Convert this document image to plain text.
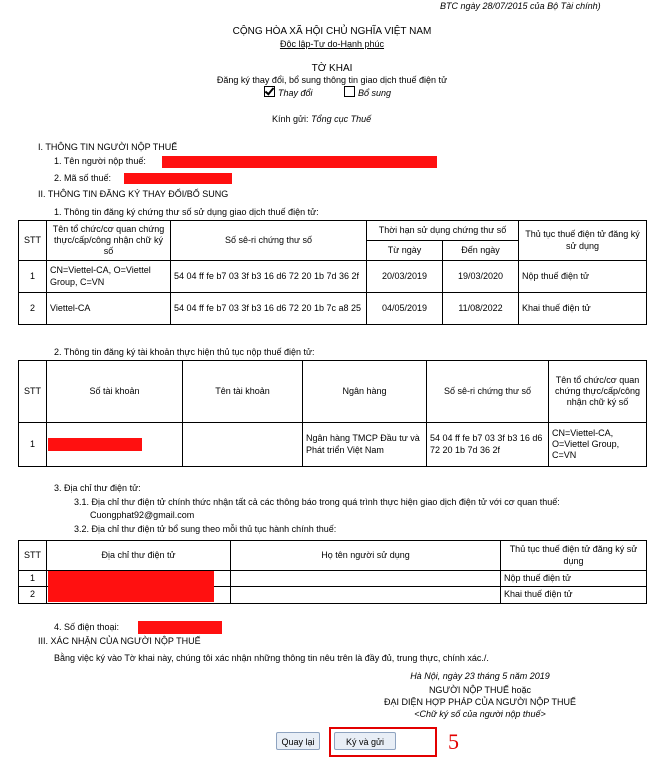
BTC ngày 28/07/2015 của Bộ Tài chính)
CỘNG HÒA XÃ HỘI CHỦ NGHĨA VIỆT NAM
Độc lập-Tự do-Hạnh phúc
TỜ KHAI
Đăng ký thay đổi, bổ sung thông tin giao dịch thuế điện tử
Thay đổi	Bổ sung
Kính gửi: Tổng cục Thuế
I. THÔNG TIN NGƯỜI NỘP THUẾ
1. Tên người nộp thuế:
2. Mã số thuế:
II. THÔNG TIN ĐĂNG KÝ THAY ĐỔI/BỔ SUNG
1. Thông tin đăng ký chứng thư số sử dụng giao dịch thuế điện tử:
STT	Tên tổ chức/cơ quan chứng thực/cấp/công nhận chữ ký số	Số sê-ri chứng thư số	Thời hạn sử dụng chứng thư số		Thủ tục thuế điện tử đăng ký sử dụng
			Từ ngày	Đến ngày	
1	CN=Viettel-CA, O=Viettel Group, C=VN	54 04 ff fe b7 03 3f b3 16 d6 72 20 1b 7d 36 2f	20/03/2019	19/03/2020	Nộp thuế điện tử
2	Viettel-CA	54 04 ff fe b7 03 3f b3 16 d6 72 20 1b 7c a8 25	04/05/2019	11/08/2022	Khai thuế điện tử
2. Thông tin đăng ký tài khoản thực hiện thủ tục nộp thuế điện tử:
STT	Số tài khoản	Tên tài khoản	Ngân hàng	Số sê-ri chứng thư số	Tên tổ chức/cơ quan chứng thực/cấp/công nhận chữ ký số
1			Ngân hàng TMCP Đầu tư và Phát triển Việt Nam	54 04 ff fe b7 03 3f b3 16 d6 72 20 1b 7d 36 2f	CN=Viettel-CA, O=Viettel Group, C=VN
3. Địa chỉ thư điện tử:
3.1. Địa chỉ thư điện tử chính thức nhận tất cả các thông báo trong quá trình thực hiện giao dịch điện tử với cơ quan thuế:
Cuongphat92@gmail.com
3.2. Địa chỉ thư điện tử bổ sung theo mỗi thủ tục hành chính thuế:
STT	Địa chỉ thư điện tử	Họ tên người sử dụng	Thủ tục thuế điện tử đăng ký sử dụng
1			Nộp thuế điện tử
2			Khai thuế điện tử
4. Số điện thoại:
III. XÁC NHẬN CỦA NGƯỜI NỘP THUẾ
Bằng việc ký vào Tờ khai này, chúng tôi xác nhận những thông tin nêu trên là đầy đủ, trung thực, chính xác./.
Hà Nội, ngày 23 tháng 5 năm 2019
NGƯỜI NỘP THUẾ hoặc
ĐẠI DIỆN HỢP PHÁP CỦA NGƯỜI NỘP THUẾ
<Chữ ký số của người nộp thuế>
Quay lại	Ký và gửi	5
